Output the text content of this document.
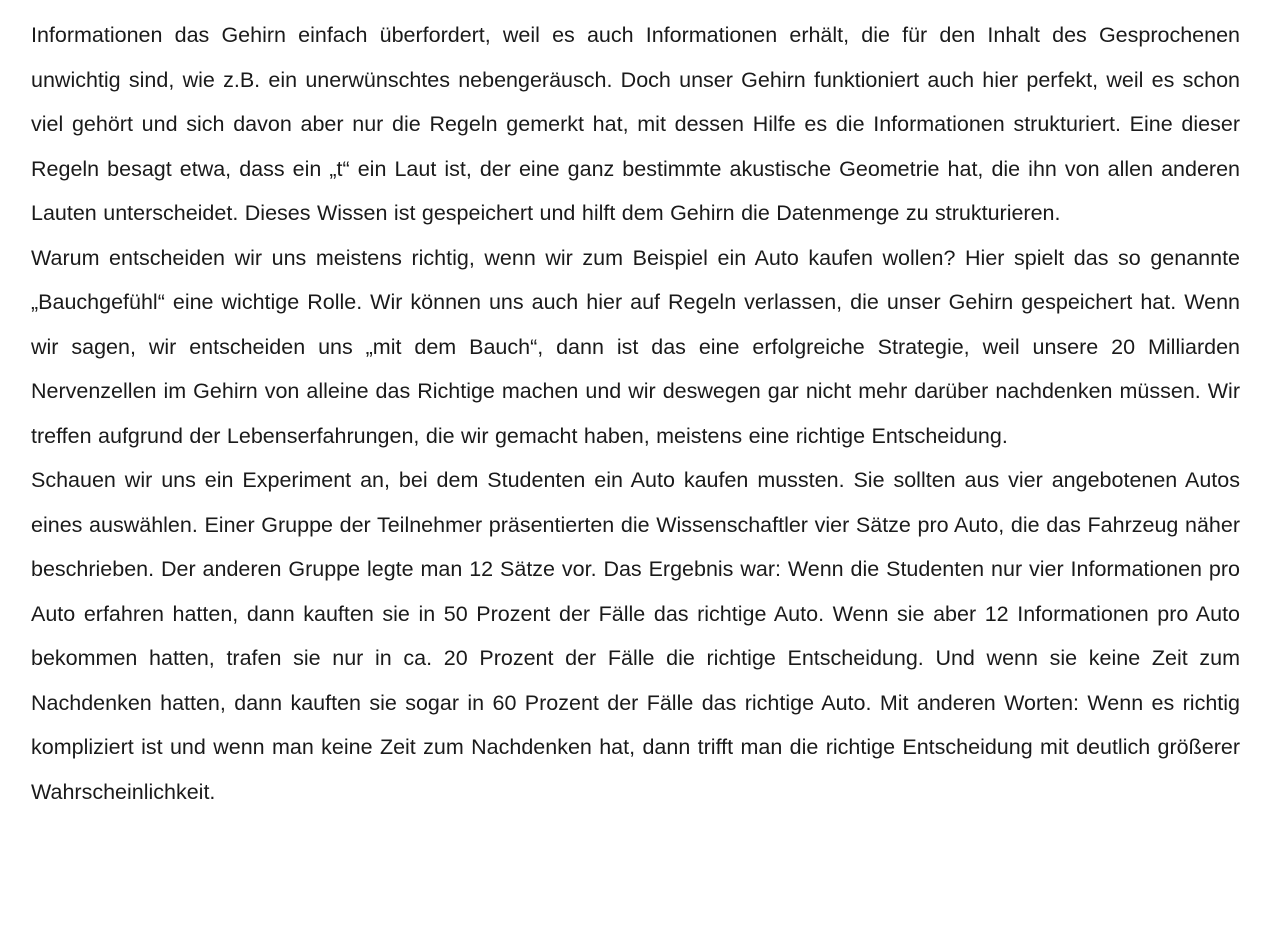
Informationen das Gehirn einfach überfordert, weil es auch Informationen erhält, die für den Inhalt des Gesprochenen unwichtig sind, wie z.B. ein unerwünschtes nebengeräusch. Doch unser Gehirn funktioniert auch hier perfekt, weil es schon viel gehört und sich davon aber nur die Regeln gemerkt hat, mit dessen Hilfe es die Informationen strukturiert. Eine dieser Regeln besagt etwa, dass ein „t“ ein Laut ist, der eine ganz bestimmte akustische Geometrie hat, die ihn von allen anderen Lauten unterscheidet. Dieses Wissen ist gespeichert und hilft dem Gehirn die Datenmenge zu strukturieren.

Warum entscheiden wir uns meistens richtig, wenn wir zum Beispiel ein Auto kaufen wollen? Hier spielt das so genannte „Bauchgefühl“ eine wichtige Rolle. Wir können uns auch hier auf Regeln verlassen, die unser Gehirn gespeichert hat. Wenn wir sagen, wir entscheiden uns „mit dem Bauch“, dann ist das eine erfolgreiche Strategie, weil unsere 20 Milliarden Nervenzellen im Gehirn von alleine das Richtige machen und wir deswegen gar nicht mehr darüber nachdenken müssen. Wir treffen aufgrund der Lebenserfahrungen, die wir gemacht haben, meistens eine richtige Entscheidung.

Schauen wir uns ein Experiment an, bei dem Studenten ein Auto kaufen mussten. Sie sollten aus vier angebotenen Autos eines auswählen. Einer Gruppe der Teilnehmer präsentierten die Wissenschaftler vier Sätze pro Auto, die das Fahrzeug näher beschrieben. Der anderen Gruppe legte man 12 Sätze vor. Das Ergebnis war: Wenn die Studenten nur vier Informationen pro Auto erfahren hatten, dann kauften sie in 50 Prozent der Fälle das richtige Auto. Wenn sie aber 12 Informationen pro Auto bekommen hatten, trafen sie nur in ca. 20 Prozent der Fälle die richtige Entscheidung. Und wenn sie keine Zeit zum Nachdenken hatten, dann kauften sie sogar in 60 Prozent der Fälle das richtige Auto. Mit anderen Worten: Wenn es richtig kompliziert ist und wenn man keine Zeit zum Nachdenken hat, dann trifft man die richtige Entscheidung mit deutlich größerer Wahrscheinlichkeit.
